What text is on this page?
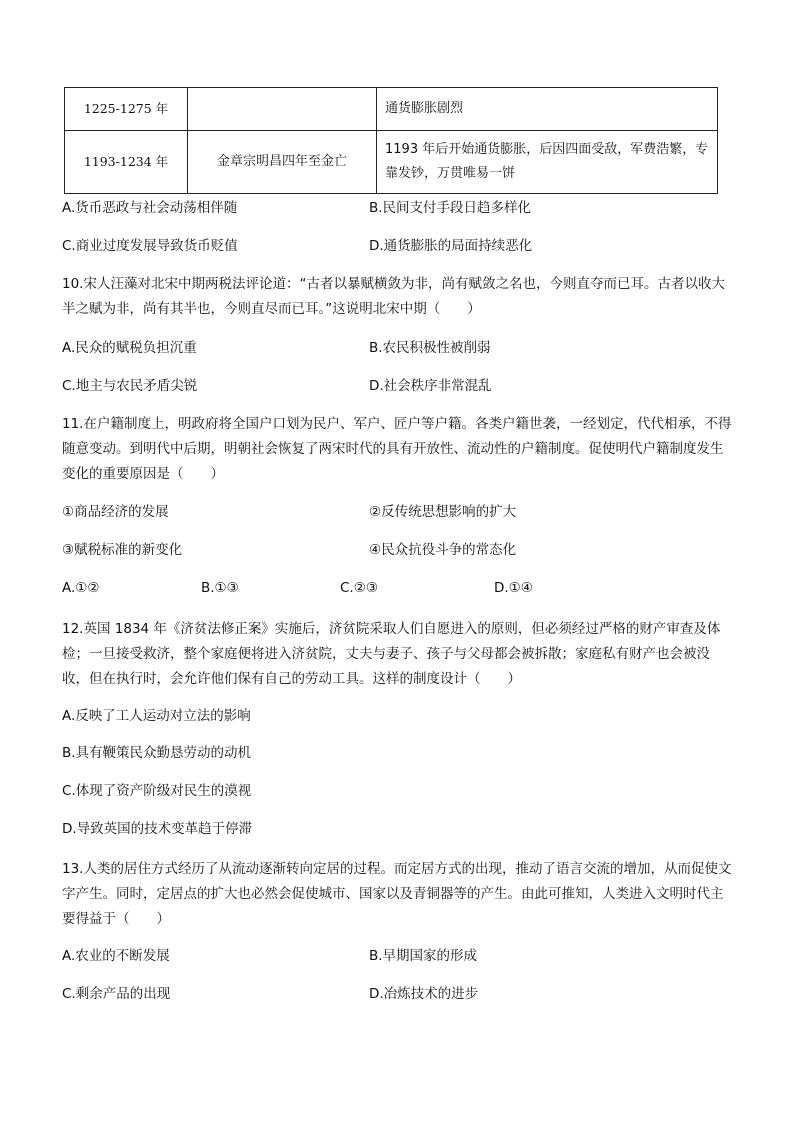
1225-1275 年		通货膨胀剧烈
1193-1234 年	金章宗明昌四年至金亡	1193 年后开始通货膨胀，后因四面受敌，军费浩繁，专靠发钞，万贯唯易一饼
A.货币恶政与社会动荡相伴随	B.民间支付手段日趋多样化
C.商业过度发展导致货币贬值	D.通货膨胀的局面持续恶化
10.宋人汪藻对北宋中期两税法评论道：“古者以暴赋横敛为非，尚有赋敛之名也，今则直夺而已耳。古者以收大半之赋为非，尚有其半也，今则直尽而已耳。”这说明北宋中期（　　）
A.民众的赋税负担沉重	B.农民积极性被削弱
C.地主与农民矛盾尖锐	D.社会秩序非常混乱
11.在户籍制度上，明政府将全国户口划为民户、军户、匠户等户籍。各类户籍世袭，一经划定，代代相承，不得随意变动。到明代中后期，明朝社会恢复了两宋时代的具有开放性、流动性的户籍制度。促使明代户籍制度发生变化的重要原因是（　　）
①商品经济的发展	②反传统思想影响的扩大
③赋税标准的新变化	④民众抗役斗争的常态化
A.①②	B.①③	C.②③	D.①④
12.英国 1834 年《济贫法修正案》实施后，济贫院采取人们自愿进入的原则，但必须经过严格的财产审查及体检；一旦接受救济，整个家庭便将进入济贫院，丈夫与妻子、孩子与父母都会被拆散；家庭私有财产也会被没收，但在执行时，会允许他们保有自己的劳动工具。这样的制度设计（　　）
A.反映了工人运动对立法的影响
B.具有鞭策民众勤恳劳动的动机
C.体现了资产阶级对民生的漠视
D.导致英国的技术变革趋于停滞
13.人类的居住方式经历了从流动逐渐转向定居的过程。而定居方式的出现，推动了语言交流的增加，从而促使文字产生。同时，定居点的扩大也必然会促使城市、国家以及青铜器等的产生。由此可推知，人类进入文明时代主要得益于（　　）
A.农业的不断发展	B.早期国家的形成
C.剩余产品的出现	D.冶炼技术的进步
